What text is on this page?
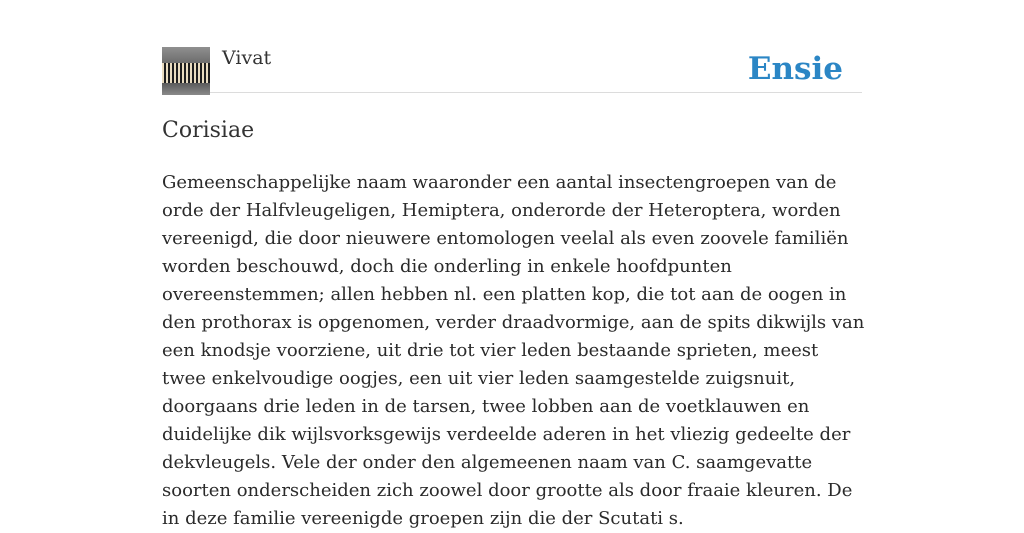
Vivat	Ensie
Corisiae

Gemeenschappelijke naam waaronder een aantal insectengroepen van de orde der Halfvleugeligen, Hemiptera, onderorde der Heteroptera, worden vereenigd, die door nieuwere entomologen veelal als even zoovele familiën worden beschouwd, doch die onderling in enkele hoofdpunten overeenstemmen; allen hebben nl. een platten kop, die tot aan de oogen in den prothorax is opgenomen, verder draadvormige, aan de spits dikwijls van een knodsje voorziene, uit drie tot vier leden bestaande sprieten, meest twee enkelvoudige oogjes, een uit vier leden saamgestelde zuigsnuit, doorgaans drie leden in de tarsen, twee lobben aan de voetklauwen en duidelijke dik wijlsvorksgewijs verdeelde aderen in het vliezig gedeelte der dekvleugels. Vele der onder den algemeenen naam van C. saamgevatte soorten onderscheiden zich zoowel door grootte als door fraaie kleuren. De in deze familie vereenigde groepen zijn die der Scutati s.
